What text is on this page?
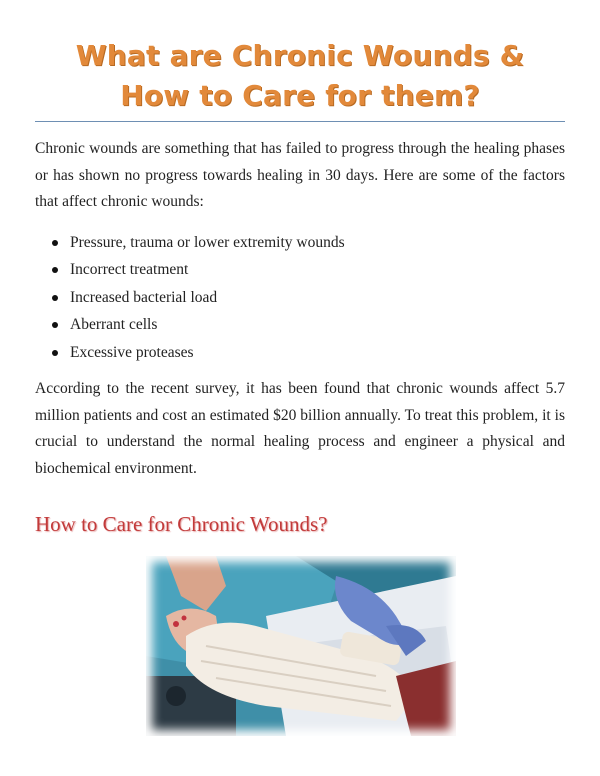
What are Chronic Wounds &
How to Care for them?
Chronic wounds are something that has failed to progress through the healing phases or has shown no progress towards healing in 30 days. Here are some of the factors that affect chronic wounds:
Pressure, trauma or lower extremity wounds
Incorrect treatment
Increased bacterial load
Aberrant cells
Excessive proteases
According to the recent survey, it has been found that chronic wounds affect 5.7 million patients and cost an estimated $20 billion annually. To treat this problem, it is crucial to understand the normal healing process and engineer a physical and biochemical environment.
How to Care for Chronic Wounds?
